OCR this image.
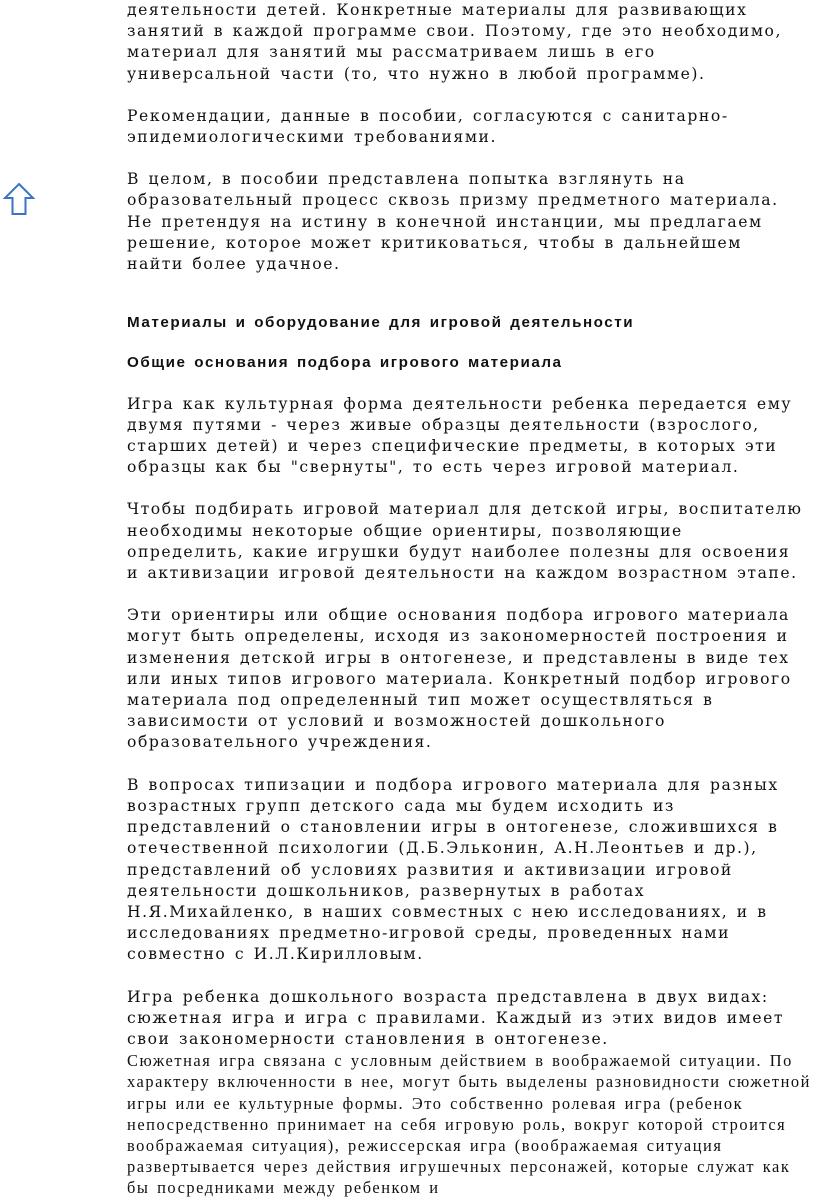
деятельности детей. Конкретные материалы для развивающих занятий в каждой программе свои. Поэтому, где это необходимо, материал для занятий мы рассматриваем лишь в его универсальной части (то, что нужно в любой программе).

Рекомендации, данные в пособии, согласуются с санитарно-эпидемиологическими требованиями.

В целом, в пособии представлена попытка взглянуть на образовательный процесс сквозь призму предметного материала. Не претендуя на истину в конечной инстанции, мы предлагаем решение, которое может критиковаться, чтобы в дальнейшем найти более удачное.

Материалы и оборудование для игровой деятельности

Общие основания подбора игрового материала

Игра как культурная форма деятельности ребенка передается ему двумя путями - через живые образцы деятельности (взрослого, старших детей) и через специфические предметы, в которых эти образцы как бы "свернуты", то есть через игровой материал.

Чтобы подбирать игровой материал для детской игры, воспитателю необходимы некоторые общие ориентиры, позволяющие определить, какие игрушки будут наиболее полезны для освоения и активизации игровой деятельности на каждом возрастном этапе.

Эти ориентиры или общие основания подбора игрового материала могут быть определены, исходя из закономерностей построения и изменения детской игры в онтогенезе, и представлены в виде тех или иных типов игрового материала. Конкретный подбор игрового материала под определенный тип может осуществляться в зависимости от условий и возможностей дошкольного образовательного учреждения.

В вопросах типизации и подбора игрового материала для разных возрастных групп детского сада мы будем исходить из представлений о становлении игры в онтогенезе, сложившихся в отечественной психологии (Д.Б.Эльконин, А.Н.Леонтьев и др.), представлений об условиях развития и активизации игровой деятельности дошкольников, развернутых в работах Н.Я.Михайленко, в наших совместных с нею исследованиях, и в исследованиях предметно-игровой среды, проведенных нами совместно с И.Л.Кирилловым.

Игра ребенка дошкольного возраста представлена в двух видах: сюжетная игра и игра с правилами. Каждый из этих видов имеет свои закономерности становления в онтогенезе.

Сюжетная игра связана с условным действием в воображаемой ситуации. По характеру включенности в нее, могут быть выделены разновидности сюжетной игры или ее культурные формы. Это собственно ролевая игра (ребенок непосредственно принимает на себя игровую роль, вокруг которой строится воображаемая ситуация), режиссерская игра (воображаемая ситуация развертывается через действия игрушечных персонажей, которые служат как бы посредниками между ребенком и
